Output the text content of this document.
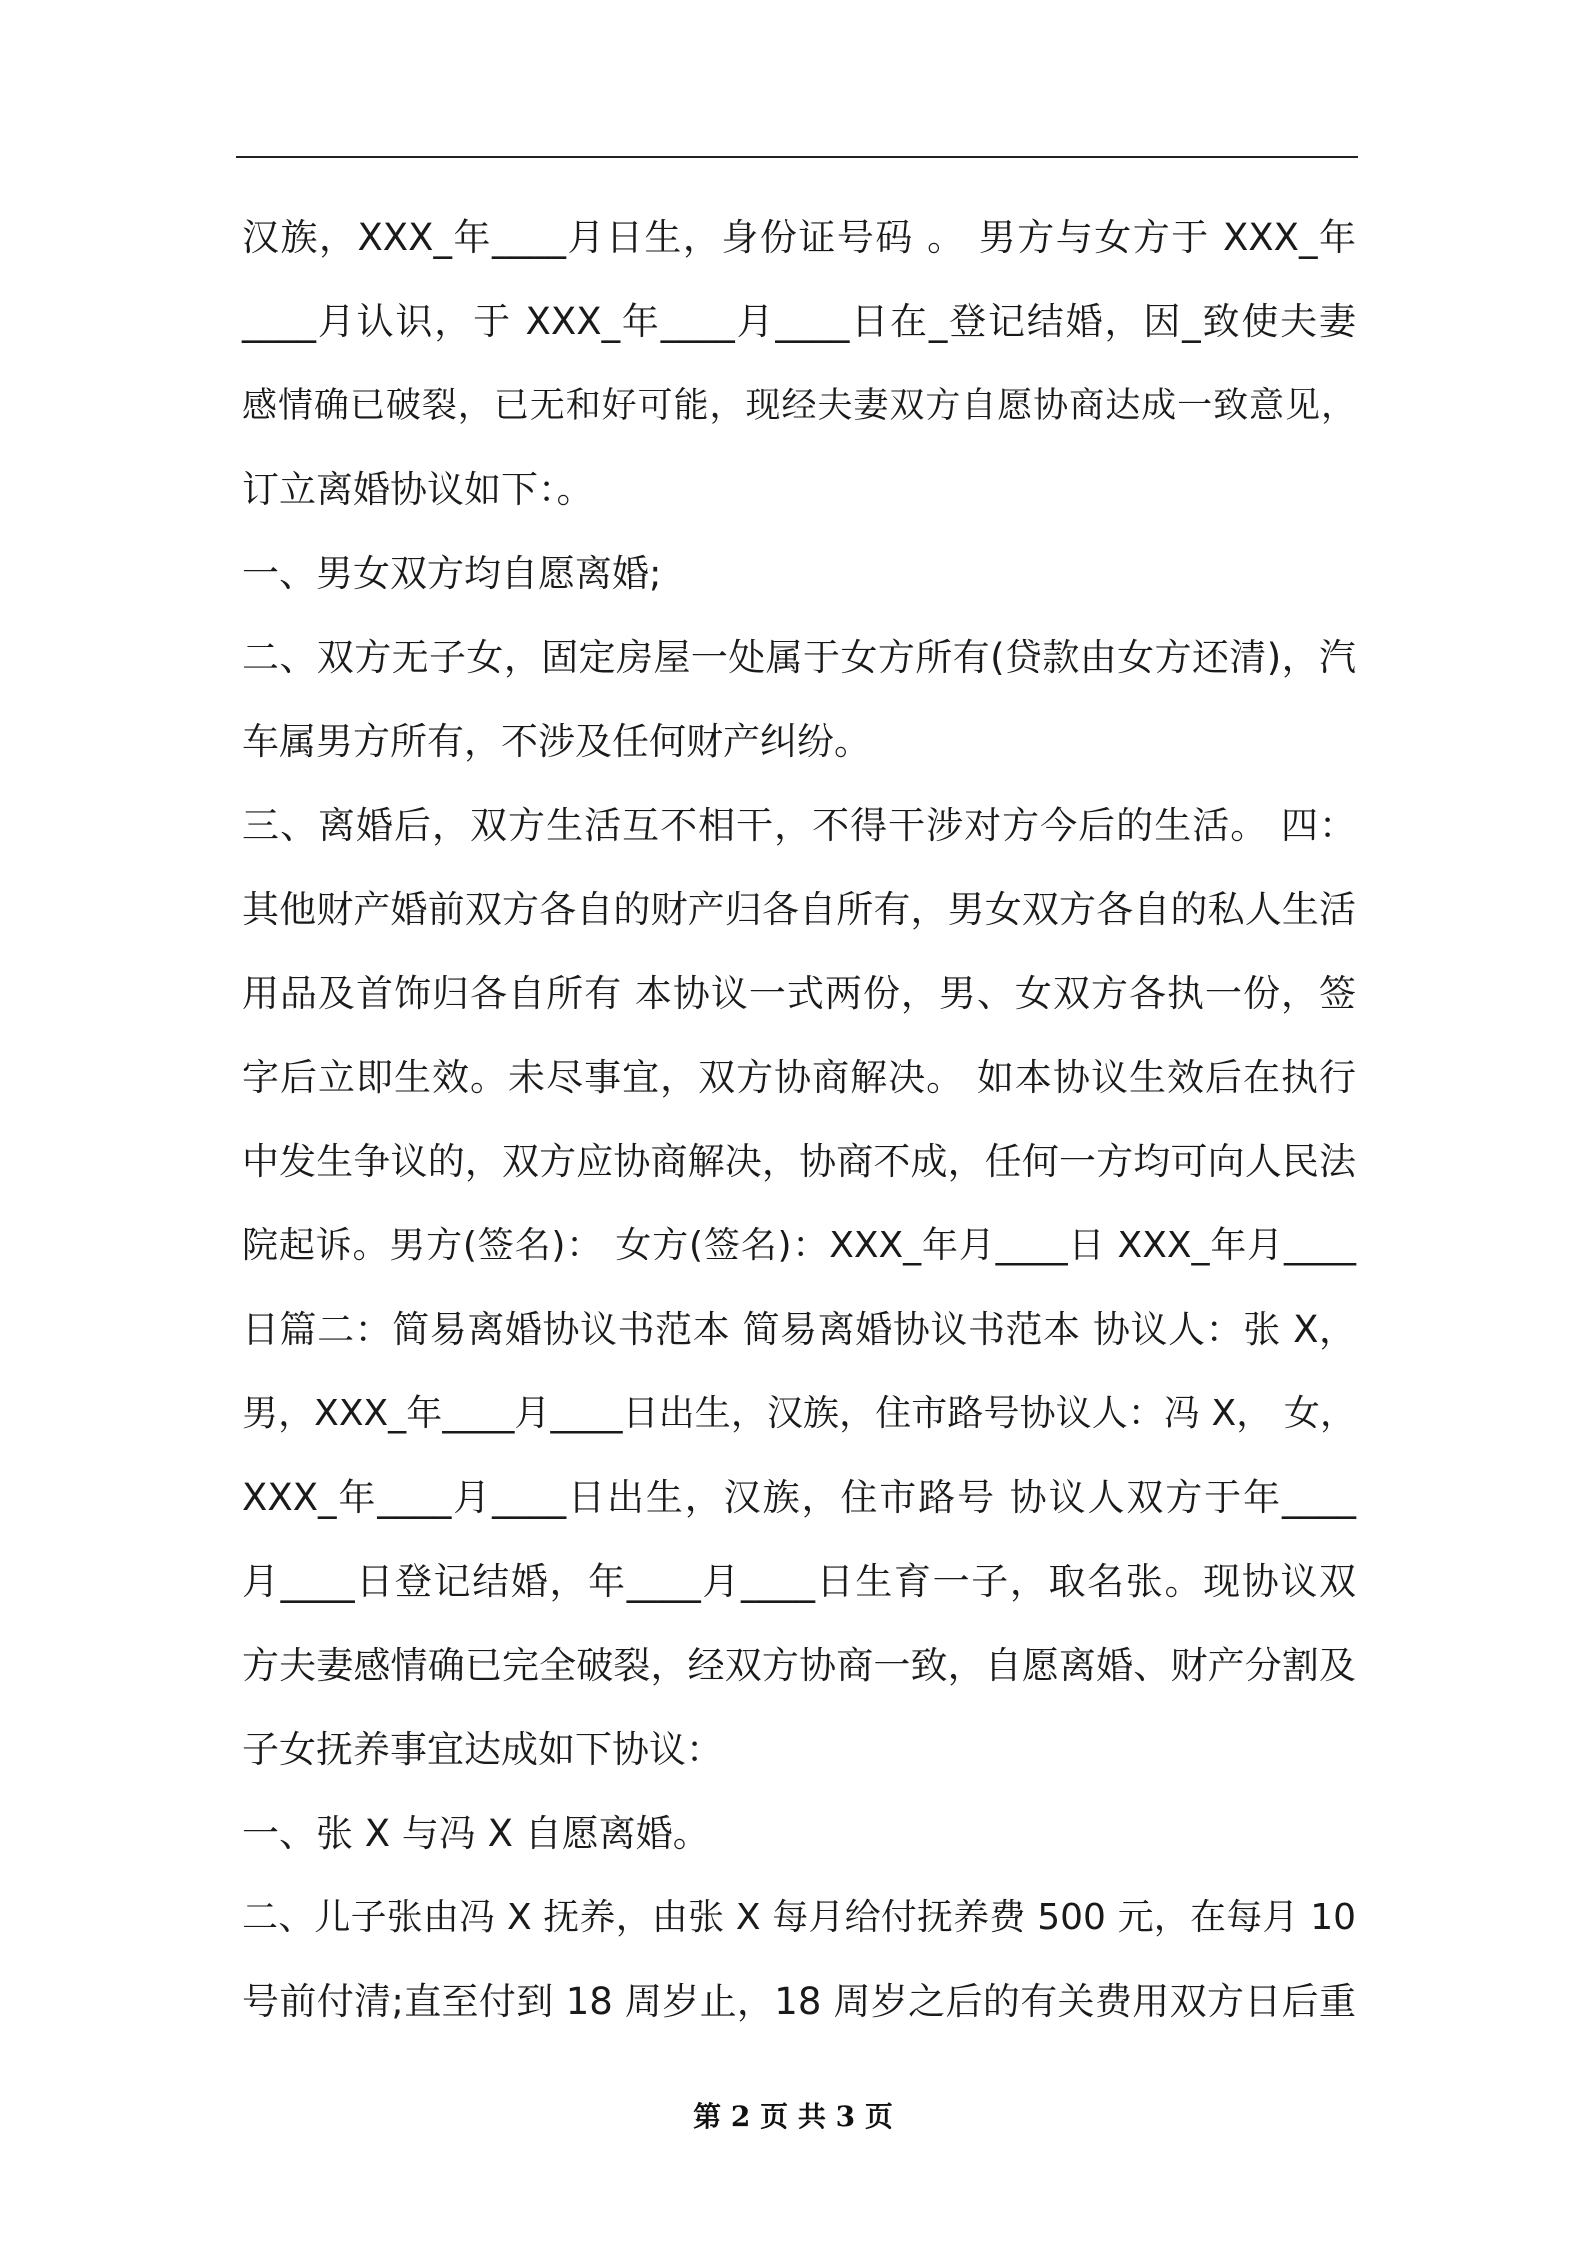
汉族，XXX_年____月日生，身份证号码 。 男方与女方于 XXX_年
____月认识，于 XXX_年____月____日在_登记结婚，因_致使夫妻
感情确已破裂，已无和好可能，现经夫妻双方自愿协商达成一致意见，
订立离婚协议如下：。
一、男女双方均自愿离婚;
二、双方无子女，固定房屋一处属于女方所有(贷款由女方还清)，汽
车属男方所有，不涉及任何财产纠纷。
三、离婚后，双方生活互不相干，不得干涉对方今后的生活。 四：
其他财产婚前双方各自的财产归各自所有，男女双方各自的私人生活
用品及首饰归各自所有 本协议一式两份，男、女双方各执一份，签
字后立即生效。未尽事宜，双方协商解决。 如本协议生效后在执行
中发生争议的，双方应协商解决，协商不成，任何一方均可向人民法
院起诉。男方(签名)： 女方(签名)：XXX_年月____日 XXX_年月____
日篇二：简易离婚协议书范本 简易离婚协议书范本 协议人：张 X，
男，XXX_年____月____日出生，汉族，住市路号协议人：冯 X， 女，
XXX_年____月____日出生，汉族，住市路号 协议人双方于年____
月____日登记结婚，年____月____日生育一子，取名张。现协议双
方夫妻感情确已完全破裂，经双方协商一致，自愿离婚、财产分割及
子女抚养事宜达成如下协议：
一、张 X 与冯 X 自愿离婚。
二、儿子张由冯 X 抚养，由张 X 每月给付抚养费 500 元，在每月 10
号前付清;直至付到 18 周岁止，18 周岁之后的有关费用双方日后重
第 2 页 共 3 页
